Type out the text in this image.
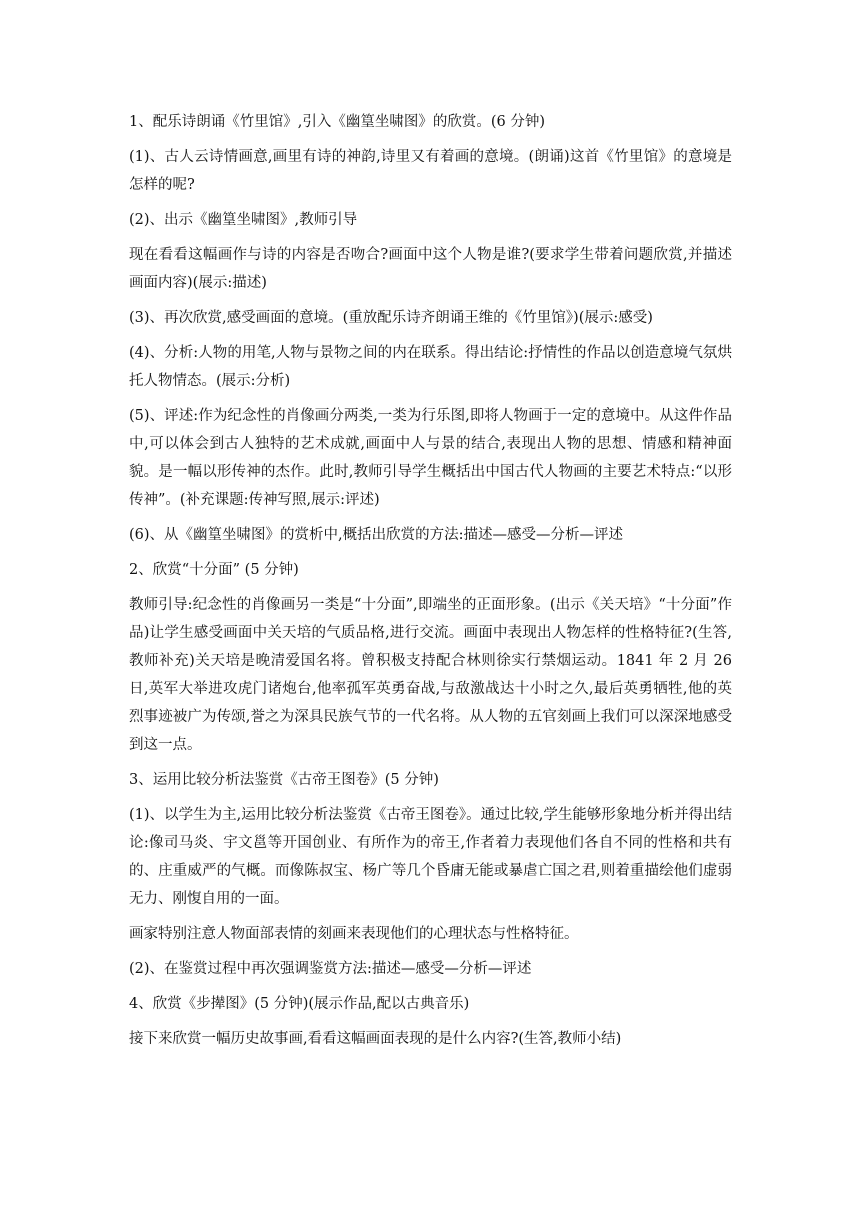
1、配乐诗朗诵《竹里馆》,引入《幽篁坐啸图》的欣赏。(6 分钟)

(1)、古人云诗情画意,画里有诗的神韵,诗里又有着画的意境。(朗诵)这首《竹里馆》的意境是怎样的呢?

(2)、出示《幽篁坐啸图》,教师引导

现在看看这幅画作与诗的内容是否吻合?画面中这个人物是谁?(要求学生带着问题欣赏,并描述画面内容)(展示:描述)

(3)、再次欣赏,感受画面的意境。(重放配乐诗齐朗诵王维的《竹里馆》)(展示:感受)

(4)、分析:人物的用笔,人物与景物之间的内在联系。得出结论:抒情性的作品以创造意境气氛烘托人物情态。(展示:分析)

(5)、评述:作为纪念性的肖像画分两类,一类为行乐图,即将人物画于一定的意境中。从这件作品中,可以体会到古人独特的艺术成就,画面中人与景的结合,表现出人物的思想、情感和精神面貌。是一幅以形传神的杰作。此时,教师引导学生概括出中国古代人物画的主要艺术特点:“以形传神”。(补充课题:传神写照,展示:评述)

(6)、从《幽篁坐啸图》的赏析中,概括出欣赏的方法:描述—感受—分析—评述

2、欣赏“十分面” (5 分钟)

教师引导:纪念性的肖像画另一类是“十分面”,即端坐的正面形象。(出示《关天培》“十分面”作品)让学生感受画面中关天培的气质品格,进行交流。画面中表现出人物怎样的性格特征?(生答,教师补充)关天培是晚清爱国名将。曾积极支持配合林则徐实行禁烟运动。1841 年 2 月 26 日,英军大举进攻虎门诸炮台,他率孤军英勇奋战,与敌激战达十小时之久,最后英勇牺牲,他的英烈事迹被广为传颂,誉之为深具民族气节的一代名将。从人物的五官刻画上我们可以深深地感受到这一点。

3、运用比较分析法鉴赏《古帝王图卷》(5 分钟)

(1)、以学生为主,运用比较分析法鉴赏《古帝王图卷》。通过比较,学生能够形象地分析并得出结论:像司马炎、宇文邕等开国创业、有所作为的帝王,作者着力表现他们各自不同的性格和共有的、庄重威严的气概。而像陈叔宝、杨广等几个昏庸无能或暴虐亡国之君,则着重描绘他们虚弱无力、刚愎自用的一面。

画家特别注意人物面部表情的刻画来表现他们的心理状态与性格特征。

(2)、在鉴赏过程中再次强调鉴赏方法:描述—感受—分析—评述

4、欣赏《步撵图》(5 分钟)(展示作品,配以古典音乐)

接下来欣赏一幅历史故事画,看看这幅画面表现的是什么内容?(生答,教师小结)
